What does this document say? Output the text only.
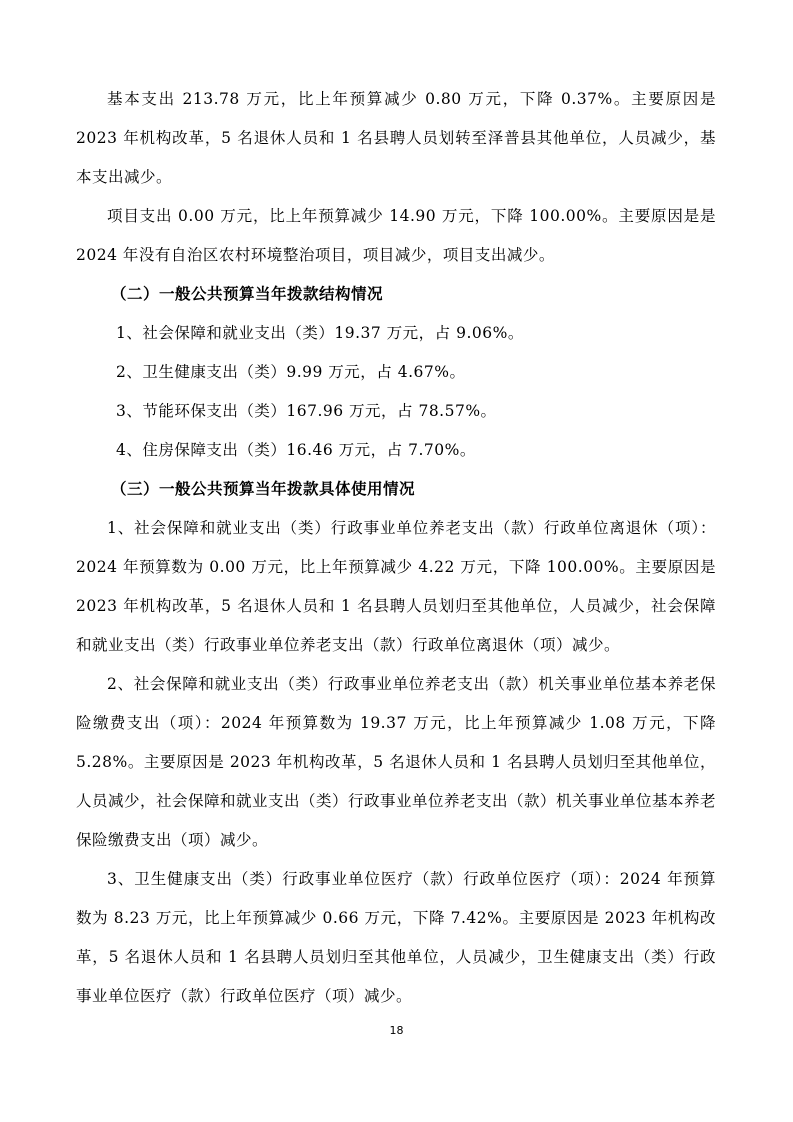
基本支出 213.78 万元，比上年预算减少 0.80 万元，下降 0.37%。主要原因是 2023 年机构改革，5 名退休人员和 1 名县聘人员划转至泽普县其他单位，人员减少，基本支出减少。

项目支出 0.00 万元，比上年预算减少 14.90 万元，下降 100.00%。主要原因是是 2024 年没有自治区农村环境整治项目，项目减少，项目支出减少。

（二）一般公共预算当年拨款结构情况

1、社会保障和就业支出（类）19.37 万元，占 9.06%。

2、卫生健康支出（类）9.99 万元，占 4.67%。

3、节能环保支出（类）167.96 万元，占 78.57%。

4、住房保障支出（类）16.46 万元，占 7.70%。

（三）一般公共预算当年拨款具体使用情况

1、社会保障和就业支出（类）行政事业单位养老支出（款）行政单位离退休（项）：2024 年预算数为 0.00 万元，比上年预算减少 4.22 万元，下降 100.00%。主要原因是 2023 年机构改革，5 名退休人员和 1 名县聘人员划归至其他单位，人员减少，社会保障和就业支出（类）行政事业单位养老支出（款）行政单位离退休（项）减少。

2、社会保障和就业支出（类）行政事业单位养老支出（款）机关事业单位基本养老保险缴费支出（项）：2024 年预算数为 19.37 万元，比上年预算减少 1.08 万元，下降 5.28%。主要原因是 2023 年机构改革，5 名退休人员和 1 名县聘人员划归至其他单位，人员减少，社会保障和就业支出（类）行政事业单位养老支出（款）机关事业单位基本养老保险缴费支出（项）减少。

3、卫生健康支出（类）行政事业单位医疗（款）行政单位医疗（项）：2024 年预算数为 8.23 万元，比上年预算减少 0.66 万元，下降 7.42%。主要原因是 2023 年机构改革，5 名退休人员和 1 名县聘人员划归至其他单位，人员减少，卫生健康支出（类）行政事业单位医疗（款）行政单位医疗（项）减少。

18
